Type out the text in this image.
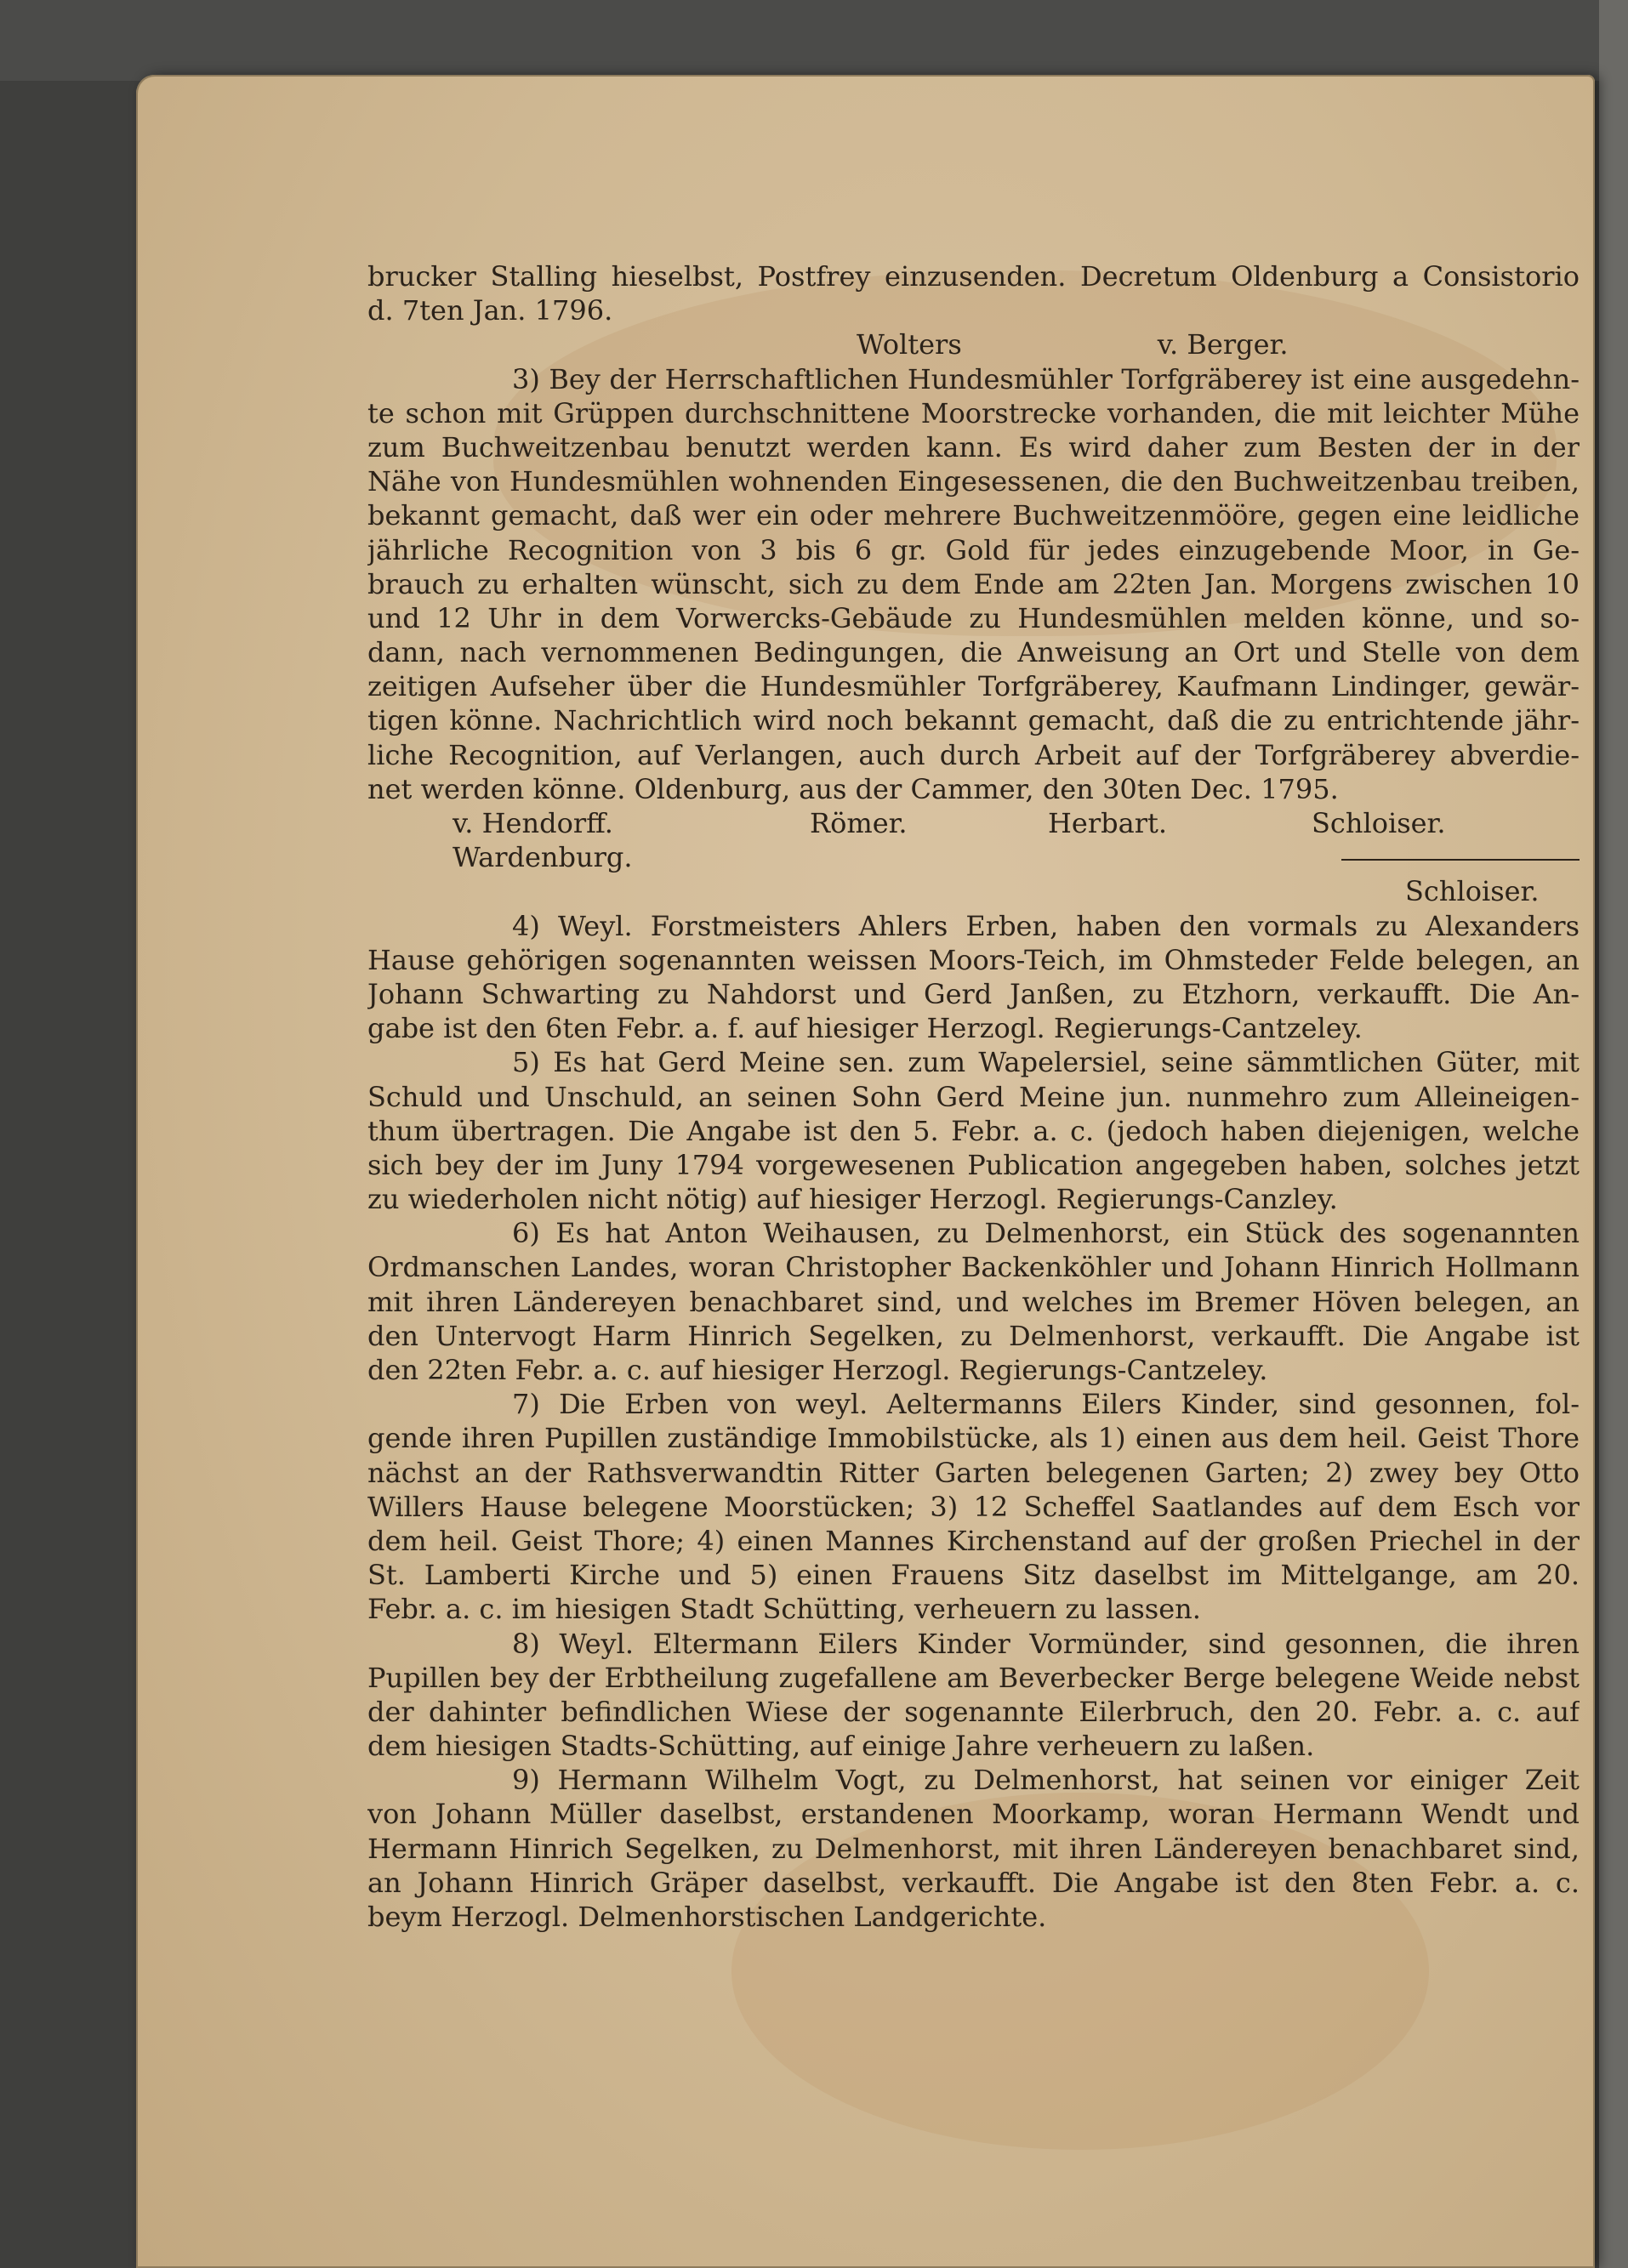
brucker Stalling hieselbst, Postfrey einzusenden. Decretum Oldenburg a Consistorio
d. 7ten Jan. 1796.
Wolters	v. Berger.
3) Bey der Herrschaftlichen Hundesmühler Torfgräberey ist eine ausgedehn-
te schon mit Grüppen durchschnittene Moorstrecke vorhanden, die mit leichter Mühe
zum Buchweitzenbau benutzt werden kann. Es wird daher zum Besten der in der
Nähe von Hundesmühlen wohnenden Eingesessenen, die den Buchweitzenbau treiben,
bekannt gemacht, daß wer ein oder mehrere Buchweitzenmööre, gegen eine leidliche
jährliche Recognition von 3 bis 6 gr. Gold für jedes einzugebende Moor, in Ge-
brauch zu erhalten wünscht, sich zu dem Ende am 22ten Jan. Morgens zwischen 10
und 12 Uhr in dem Vorwercks-Gebäude zu Hundesmühlen melden könne, und so-
dann, nach vernommenen Bedingungen, die Anweisung an Ort und Stelle von dem
zeitigen Aufseher über die Hundesmühler Torfgräberey, Kaufmann Lindinger, gewär-
tigen könne. Nachrichtlich wird noch bekannt gemacht, daß die zu entrichtende jähr-
liche Recognition, auf Verlangen, auch durch Arbeit auf der Torfgräberey abverdie-
net werden könne. Oldenburg, aus der Cammer, den 30ten Dec. 1795.
v. Hendorff.	Römer.	Herbart.	Schloiser.
Wardenburg.
Schloiser.
4) Weyl. Forstmeisters Ahlers Erben, haben den vormals zu Alexanders
Hause gehörigen sogenannten weissen Moors-Teich, im Ohmsteder Felde belegen, an
Johann Schwarting zu Nahdorst und Gerd Janßen, zu Etzhorn, verkaufft. Die An-
gabe ist den 6ten Febr. a. f. auf hiesiger Herzogl. Regierungs-Cantzeley.
5) Es hat Gerd Meine sen. zum Wapelersiel, seine sämmtlichen Güter, mit
Schuld und Unschuld, an seinen Sohn Gerd Meine jun. nunmehro zum Alleineigen-
thum übertragen. Die Angabe ist den 5. Febr. a. c. (jedoch haben diejenigen, welche
sich bey der im Juny 1794 vorgewesenen Publication angegeben haben, solches jetzt
zu wiederholen nicht nötig) auf hiesiger Herzogl. Regierungs-Canzley.
6) Es hat Anton Weihausen, zu Delmenhorst, ein Stück des sogenannten
Ordmanschen Landes, woran Christopher Backenköhler und Johann Hinrich Hollmann
mit ihren Ländereyen benachbaret sind, und welches im Bremer Höven belegen, an
den Untervogt Harm Hinrich Segelken, zu Delmenhorst, verkaufft. Die Angabe ist
den 22ten Febr. a. c. auf hiesiger Herzogl. Regierungs-Cantzeley.
7) Die Erben von weyl. Aeltermanns Eilers Kinder, sind gesonnen, fol-
gende ihren Pupillen zuständige Immobilstücke, als 1) einen aus dem heil. Geist Thore
nächst an der Rathsverwandtin Ritter Garten belegenen Garten; 2) zwey bey Otto
Willers Hause belegene Moorstücken; 3) 12 Scheffel Saatlandes auf dem Esch vor
dem heil. Geist Thore; 4) einen Mannes Kirchenstand auf der großen Priechel in der
St. Lamberti Kirche und 5) einen Frauens Sitz daselbst im Mittelgange, am 20.
Febr. a. c. im hiesigen Stadt Schütting, verheuern zu lassen.
8) Weyl. Eltermann Eilers Kinder Vormünder, sind gesonnen, die ihren
Pupillen bey der Erbtheilung zugefallene am Beverbecker Berge belegene Weide nebst
der dahinter befindlichen Wiese der sogenannte Eilerbruch, den 20. Febr. a. c. auf
dem hiesigen Stadts-Schütting, auf einige Jahre verheuern zu laßen.
9) Hermann Wilhelm Vogt, zu Delmenhorst, hat seinen vor einiger Zeit
von Johann Müller daselbst, erstandenen Moorkamp, woran Hermann Wendt und
Hermann Hinrich Segelken, zu Delmenhorst, mit ihren Ländereyen benachbaret sind,
an Johann Hinrich Gräper daselbst, verkaufft. Die Angabe ist den 8ten Febr. a. c.
beym Herzogl. Delmenhorstischen Landgerichte.
